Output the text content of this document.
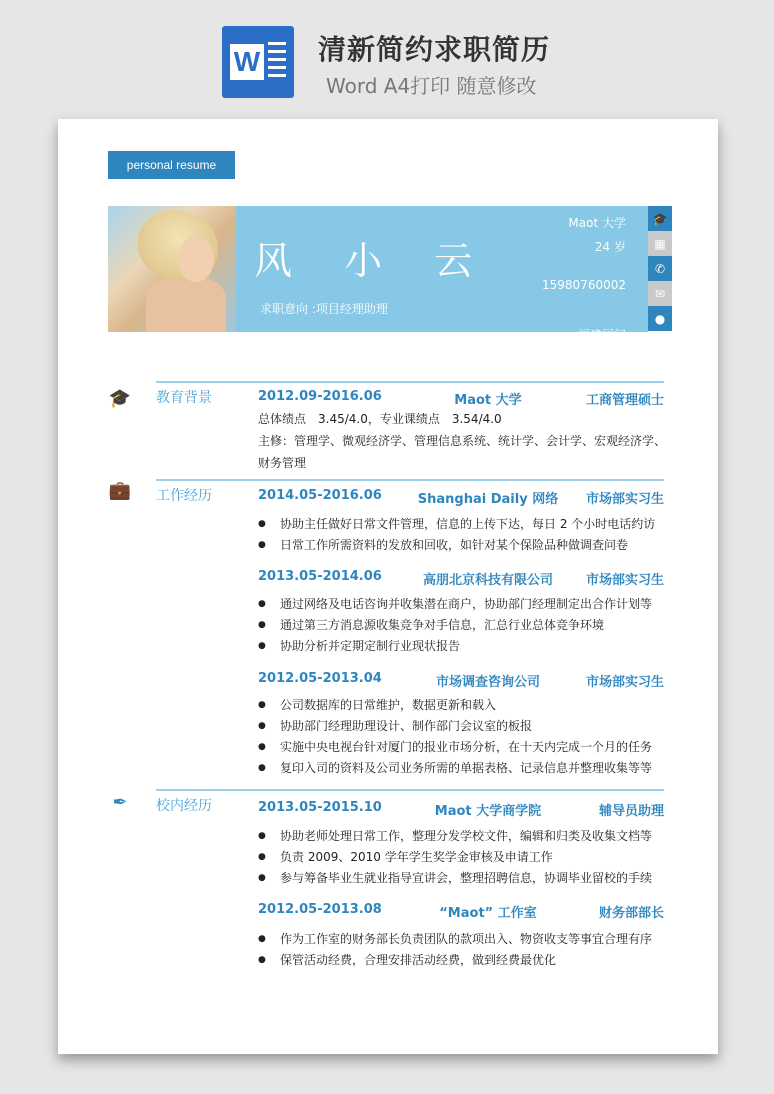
W 清新简约求职简历
Word A4打印 随意修改
personal resume
风 小 云
求职意向 :项目经理助理
Maot 大学
24 岁
15980760002
福建厦门
🎓
▦
✆
✉
●
🎓 教育背景	2012.09-2016.06	Maot 大学	工商管理硕士
总体绩点　3.45/4.0，专业课绩点　3.54/4.0
主修：管理学、微观经济学、管理信息系统、统计学、会计学、宏观经济学、
财务管理
💼 工作经历	2014.05-2016.06	Shanghai Daily 网络	市场部实习生
● 协助主任做好日常文件管理，信息的上传下达，每日 2 个小时电话约访
● 日常工作所需资料的发放和回收，如针对某个保险品种做调查问卷
2013.05-2014.06	高朋北京科技有限公司	市场部实习生
● 通过网络及电话咨询并收集潜在商户，协助部门经理制定出合作计划等
● 通过第三方消息源收集竞争对手信息，汇总行业总体竞争环境
● 协助分析并定期定制行业现状报告
2012.05-2013.04	市场调查咨询公司	市场部实习生
● 公司数据库的日常维护，数据更新和载入
● 协助部门经理助理设计、制作部门会议室的板报
● 实施中央电视台针对厦门的报业市场分析，在十天内完成一个月的任务
● 复印入司的资料及公司业务所需的单据表格、记录信息并整理收集等等
✒	校内经历	2013.05-2015.10	Maot 大学商学院	辅导员助理
● 协助老师处理日常工作，整理分发学校文件，编辑和归类及收集文档等
● 负责 2009、2010 学年学生奖学金审核及申请工作
● 参与筹备毕业生就业指导宣讲会，整理招聘信息，协调毕业留校的手续
2012.05-2013.08	“Maot” 工作室	财务部部长
● 作为工作室的财务部长负责团队的款项出入、物资收支等事宜合理有序
● 保管活动经费，合理安排活动经费，做到经费最优化
